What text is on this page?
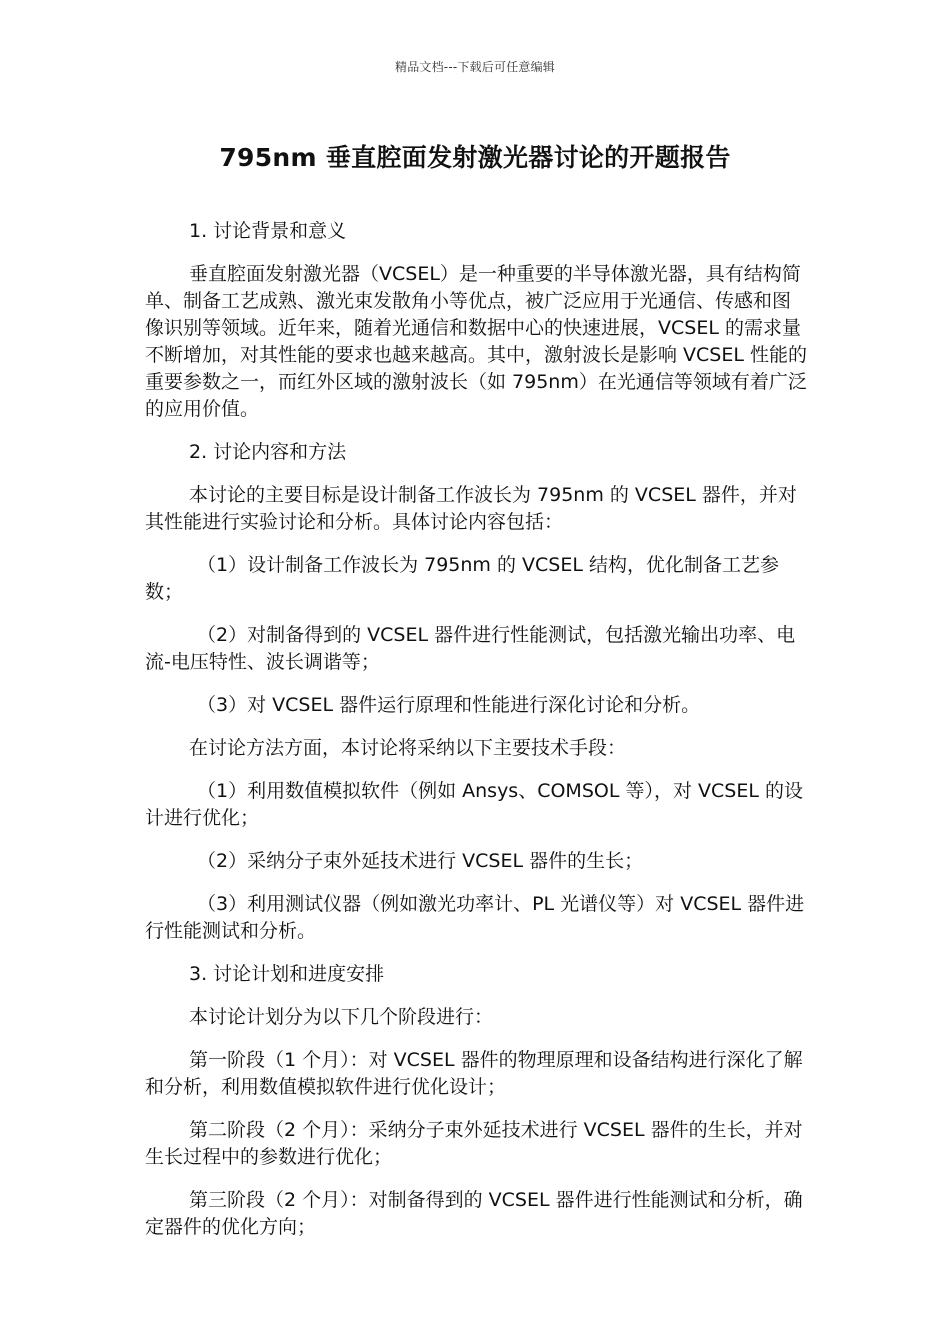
精品文档---下载后可任意编辑
795nm 垂直腔面发射激光器讨论的开题报告

1. 讨论背景和意义

垂直腔面发射激光器（VCSEL）是一种重要的半导体激光器，具有结构简单、制备工艺成熟、激光束发散角小等优点，被广泛应用于光通信、传感和图像识别等领域。近年来，随着光通信和数据中心的快速进展，VCSEL 的需求量不断增加，对其性能的要求也越来越高。其中，激射波长是影响 VCSEL 性能的重要参数之一，而红外区域的激射波长（如 795nm）在光通信等领域有着广泛的应用价值。

2. 讨论内容和方法

本讨论的主要目标是设计制备工作波长为 795nm 的 VCSEL 器件，并对其性能进行实验讨论和分析。具体讨论内容包括：

（1）设计制备工作波长为 795nm 的 VCSEL 结构，优化制备工艺参数；

（2）对制备得到的 VCSEL 器件进行性能测试，包括激光输出功率、电流-电压特性、波长调谐等；

（3）对 VCSEL 器件运行原理和性能进行深化讨论和分析。

在讨论方法方面，本讨论将采纳以下主要技术手段：

（1）利用数值模拟软件（例如 Ansys、COMSOL 等），对 VCSEL 的设计进行优化；

（2）采纳分子束外延技术进行 VCSEL 器件的生长；

（3）利用测试仪器（例如激光功率计、PL 光谱仪等）对 VCSEL 器件进行性能测试和分析。

3. 讨论计划和进度安排

本讨论计划分为以下几个阶段进行：

第一阶段（1 个月）：对 VCSEL 器件的物理原理和设备结构进行深化了解和分析，利用数值模拟软件进行优化设计；

第二阶段（2 个月）：采纳分子束外延技术进行 VCSEL 器件的生长，并对生长过程中的参数进行优化；

第三阶段（2 个月）：对制备得到的 VCSEL 器件进行性能测试和分析，确定器件的优化方向；
